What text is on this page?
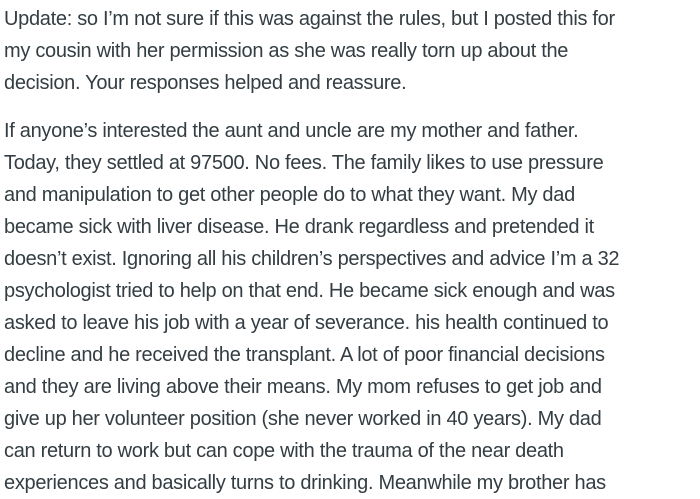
Update: so I’m not sure if this was against the rules, but I posted this for
my cousin with her permission as she was really torn up about the
decision. Your responses helped and reassure.
If anyone’s interested the aunt and uncle are my mother and father.
Today, they settled at 97500. No fees. The family likes to use pressure
and manipulation to get other people do to what they want. My dad
became sick with liver disease. He drank regardless and pretended it
doesn’t exist. Ignoring all his children’s perspectives and advice I’m a 32
psychologist tried to help on that end. He became sick enough and was
asked to leave his job with a year of severance. his health continued to
decline and he received the transplant. A lot of poor financial decisions
and they are living above their means. My mom refuses to get job and
give up her volunteer position (she never worked in 40 years). My dad
can return to work but can cope with the trauma of the near death
experiences and basically turns to drinking. Meanwhile my brother has
